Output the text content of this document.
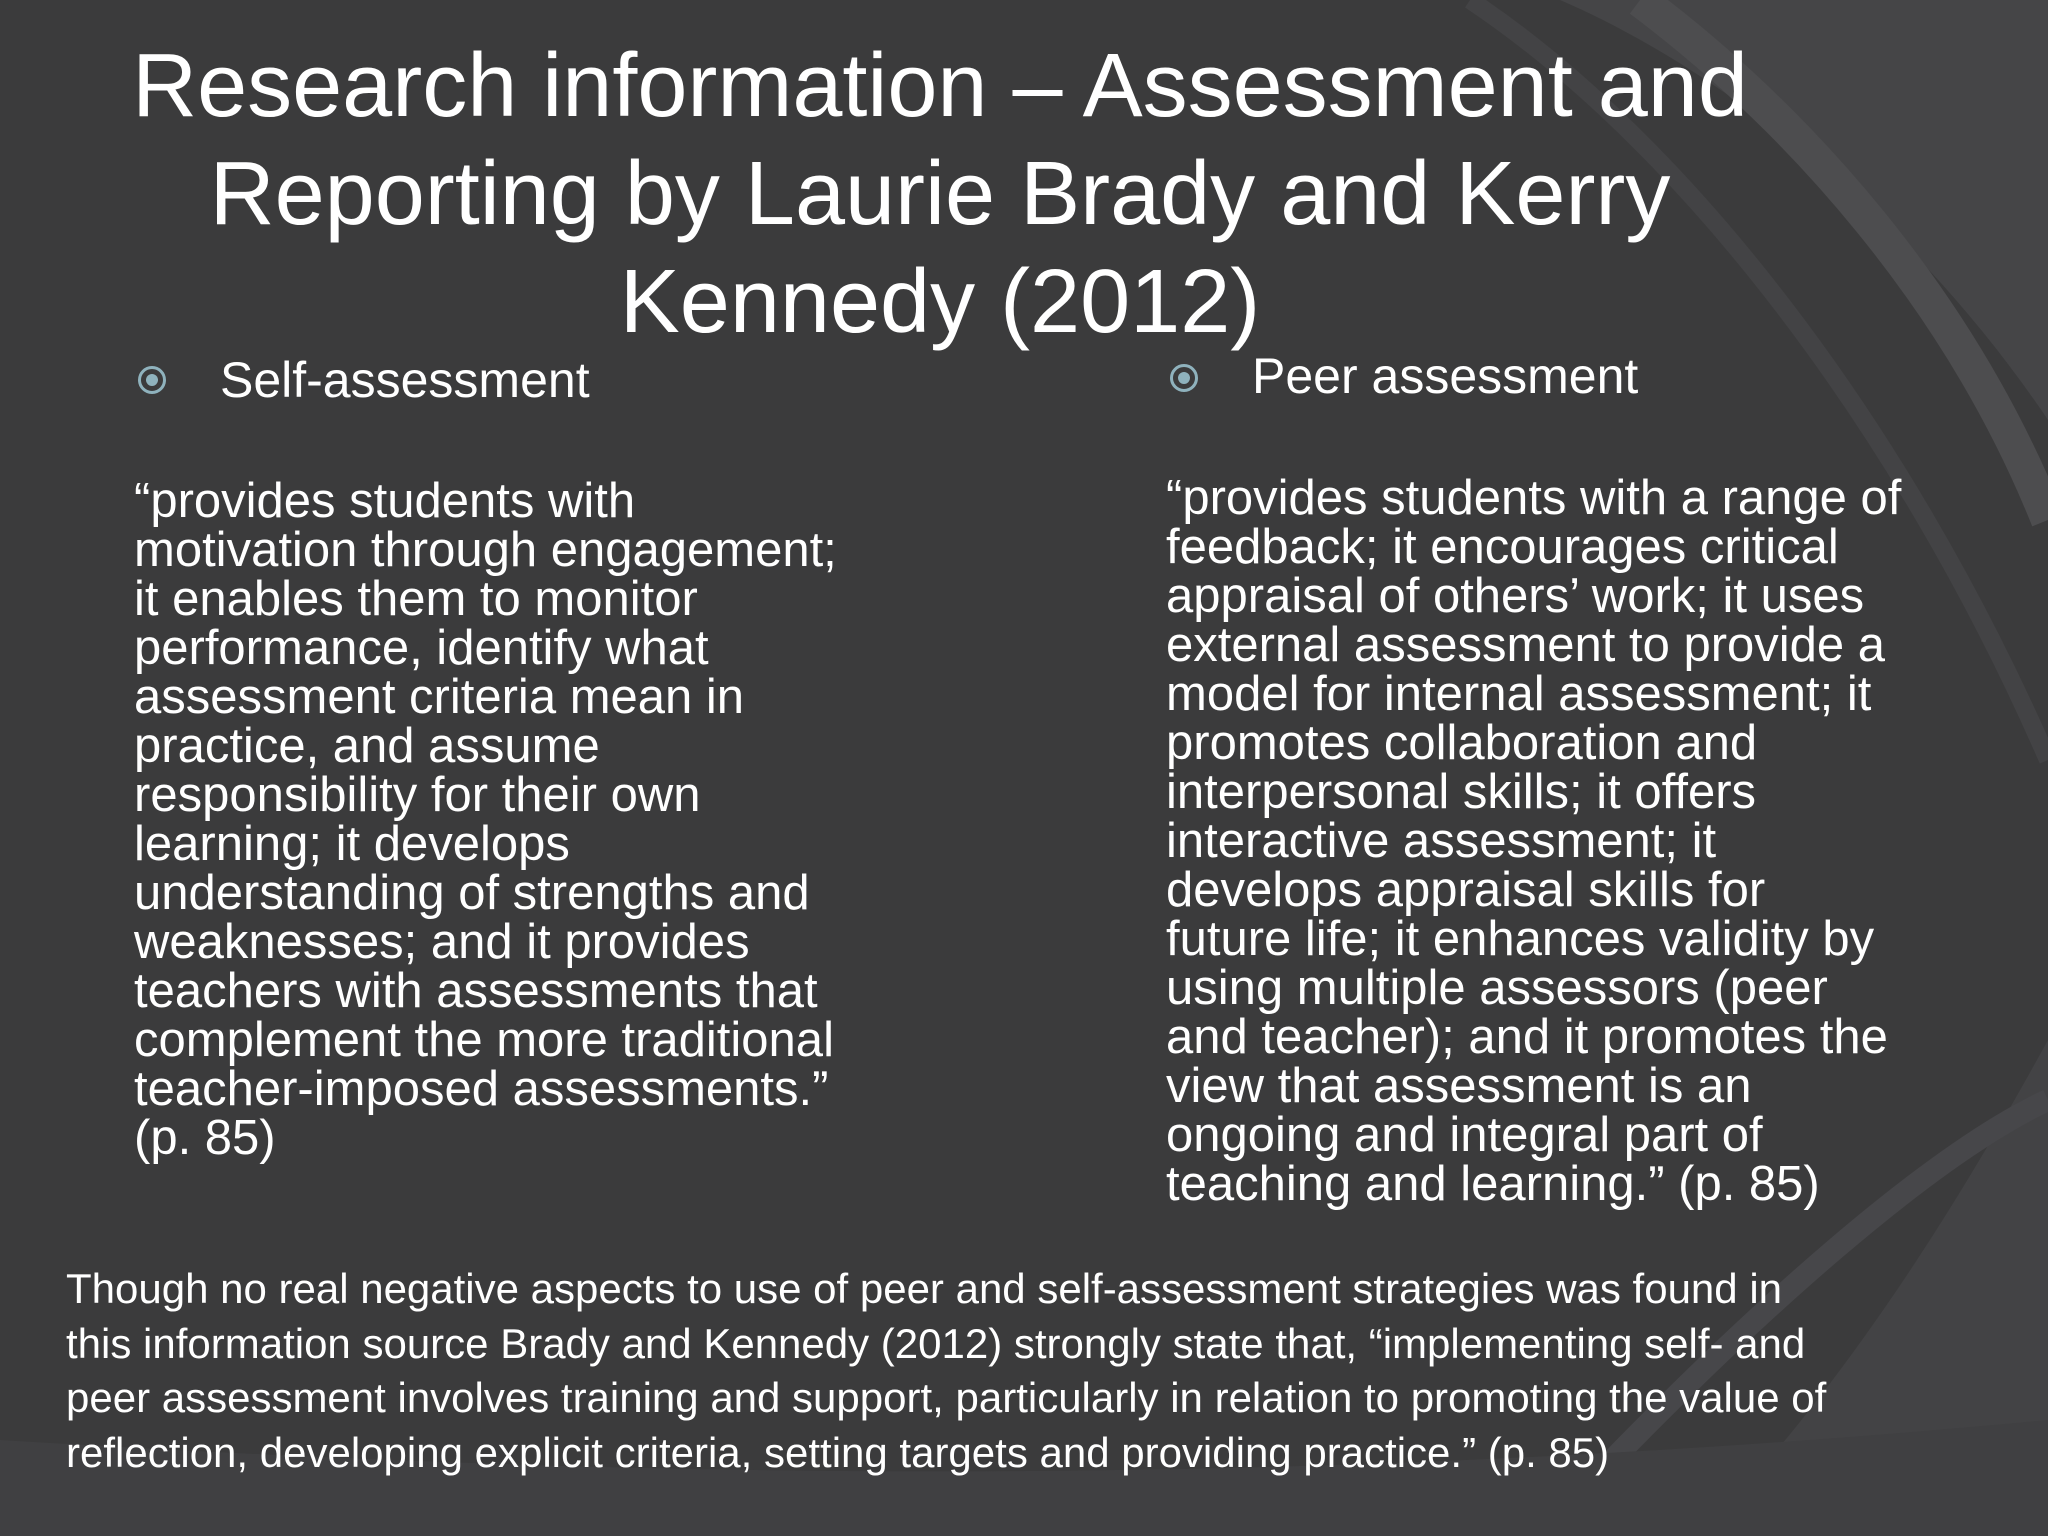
Research information – Assessment and
Reporting by Laurie Brady and Kerry
Kennedy (2012)
Self-assessment
“provides students with
motivation through engagement;
it enables them to monitor
performance, identify what
assessment criteria mean in
practice, and assume
responsibility for their own
learning; it develops
understanding of strengths and
weaknesses; and it provides
teachers with assessments that
complement the more traditional
teacher-imposed assessments.”
(p. 85)
Peer assessment
“provides students with a range of
feedback; it encourages critical
appraisal of others’ work; it uses
external assessment to provide a
model for internal assessment; it
promotes collaboration and
interpersonal skills; it offers
interactive assessment; it
develops appraisal skills for
future life; it enhances validity by
using multiple assessors (peer
and teacher); and it promotes the
view that assessment is an
ongoing and integral part of
teaching and learning.” (p. 85)
Though no real negative aspects to use of peer and self-assessment strategies was found in
this information source Brady and Kennedy (2012) strongly state that, “implementing self- and
peer assessment involves training and support, particularly in relation to promoting the value of
reflection, developing explicit criteria, setting targets and providing practice.” (p. 85)
